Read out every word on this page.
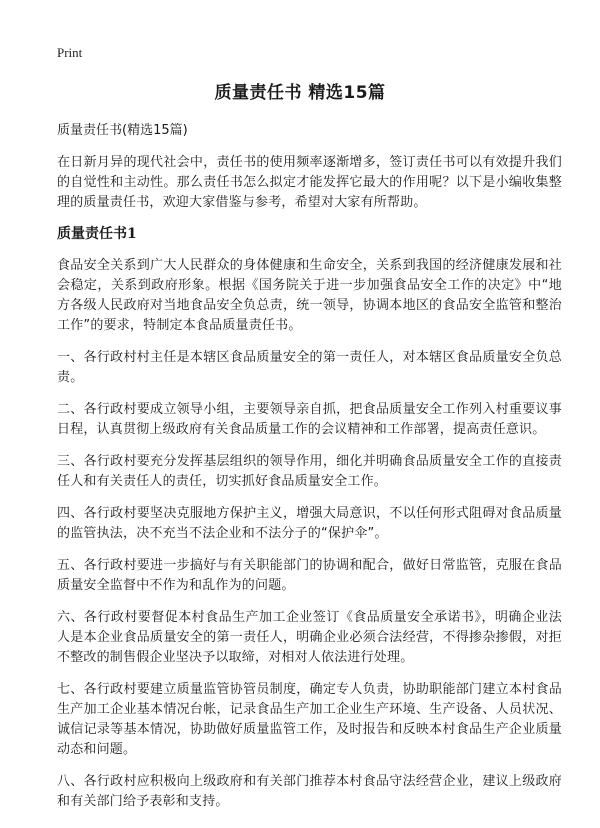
Print
质量责任书 精选15篇

质量责任书(精选15篇)

在日新月异的现代社会中，责任书的使用频率逐渐增多，签订责任书可以有效提升我们的自觉性和主动性。那么责任书怎么拟定才能发挥它最大的作用呢？以下是小编收集整理的质量责任书，欢迎大家借鉴与参考，希望对大家有所帮助。

质量责任书1

食品安全关系到广大人民群众的身体健康和生命安全，关系到我国的经济健康发展和社会稳定，关系到政府形象。根据《国务院关于进一步加强食品安全工作的决定》中“地方各级人民政府对当地食品安全负总责，统一领导，协调本地区的食品安全监管和整治工作”的要求，特制定本食品质量责任书。

一、各行政村村主任是本辖区食品质量安全的第一责任人，对本辖区食品质量安全负总责。

二、各行政村要成立领导小组，主要领导亲自抓，把食品质量安全工作列入村重要议事日程，认真贯彻上级政府有关食品质量工作的会议精神和工作部署，提高责任意识。

三、各行政村要充分发挥基层组织的领导作用，细化并明确食品质量安全工作的直接责任人和有关责任人的责任，切实抓好食品质量安全工作。

四、各行政村要坚决克服地方保护主义，增强大局意识，不以任何形式阻碍对食品质量的监管执法，决不充当不法企业和不法分子的“保护伞”。

五、各行政村要进一步搞好与有关职能部门的协调和配合，做好日常监管，克服在食品质量安全监督中不作为和乱作为的问题。

六、各行政村要督促本村食品生产加工企业签订《食品质量安全承诺书》，明确企业法人是本企业食品质量安全的第一责任人，明确企业必须合法经营，不得掺杂掺假，对拒不整改的制售假企业坚决予以取缔，对相对人依法进行处理。

七、各行政村要建立质量监管协管员制度，确定专人负责，协助职能部门建立本村食品生产加工企业基本情况台帐，记录食品生产加工企业生产环境、生产设备、人员状况、诚信记录等基本情况，协助做好质量监管工作，及时报告和反映本村食品生产企业质量动态和问题。

八、各行政村应积极向上级政府和有关部门推荐本村食品守法经营企业，建议上级政府和有关部门给予表彰和支持。
